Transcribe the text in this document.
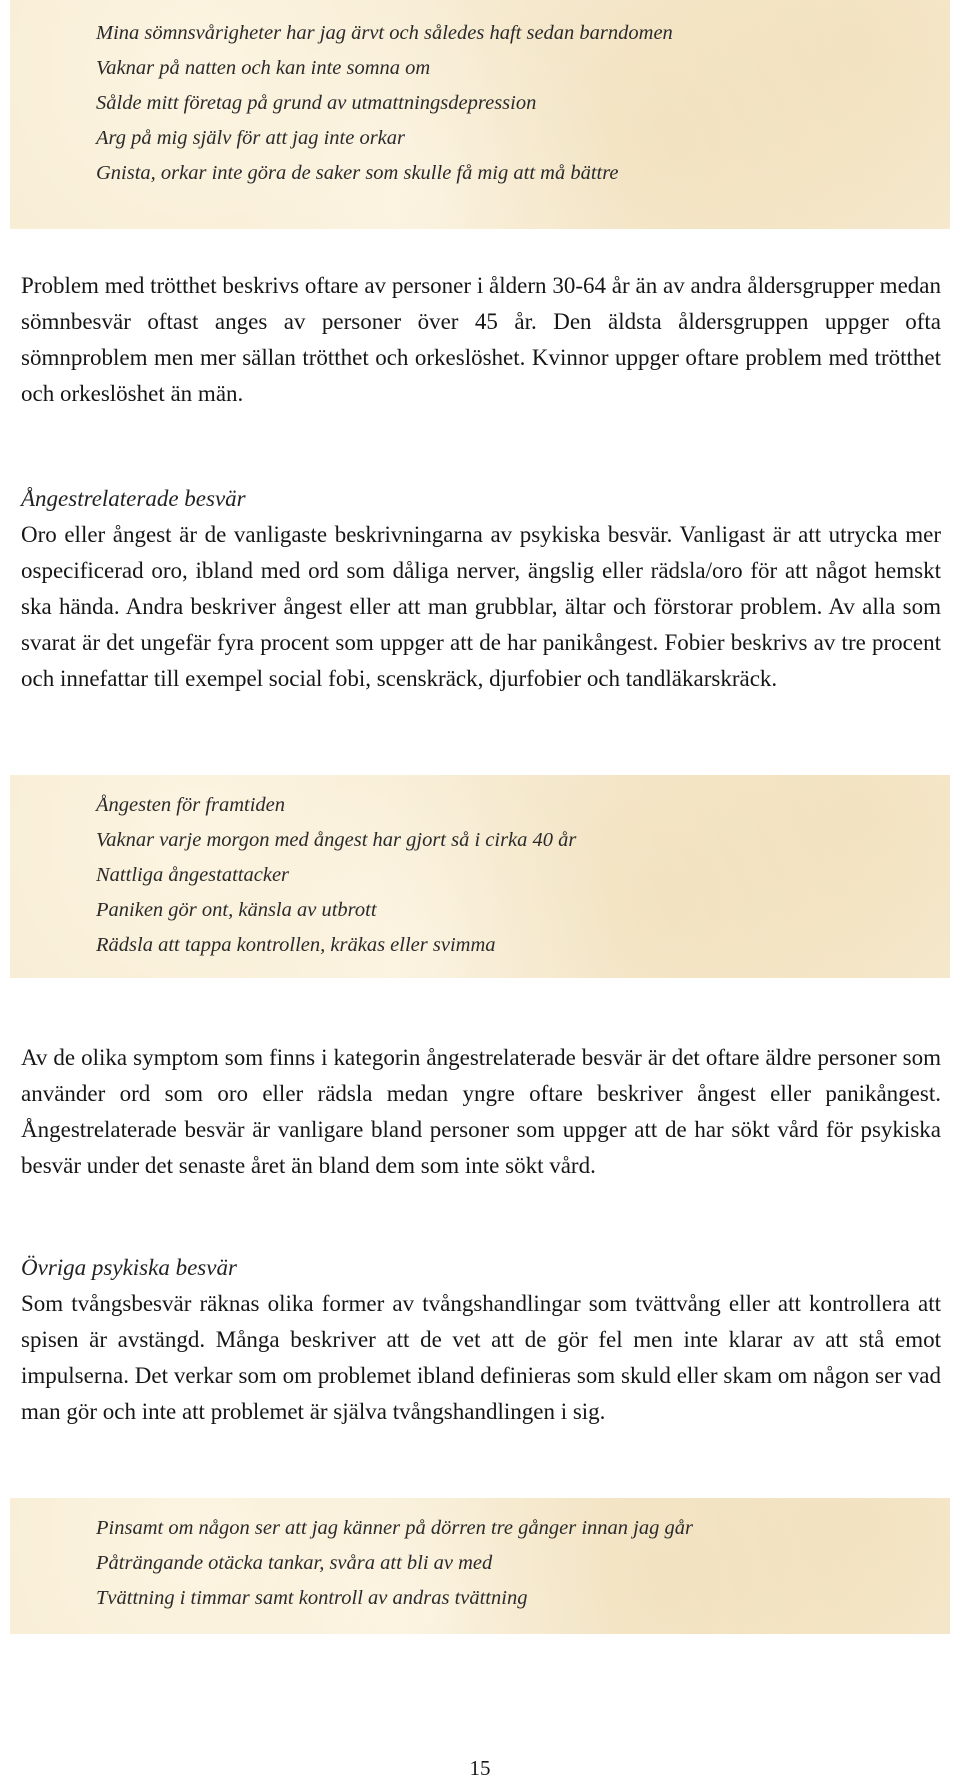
Mina sömnsvårigheter har jag ärvt och således haft sedan barndomen
Vaknar på natten och kan inte somna om
Sålde mitt företag på grund av utmattningsdepression
Arg på mig själv för att jag inte orkar
Gnista, orkar inte göra de saker som skulle få mig att må bättre

Problem med trötthet beskrivs oftare av personer i åldern 30-64 år än av andra åldersgrupper medan sömnbesvär oftast anges av personer över 45 år. Den äldsta åldersgruppen uppger ofta sömnproblem men mer sällan trötthet och orkeslöshet. Kvinnor uppger oftare problem med trötthet och orkeslöshet än män.

Ångestrelaterade besvär

Oro eller ångest är de vanligaste beskrivningarna av psykiska besvär. Vanligast är att utrycka mer ospecificerad oro, ibland med ord som dåliga nerver, ängslig eller rädsla/oro för att något hemskt ska hända. Andra beskriver ångest eller att man grubblar, ältar och förstorar problem. Av alla som svarat är det ungefär fyra procent som uppger att de har panikångest. Fobier beskrivs av tre procent och innefattar till exempel social fobi, scenskräck, djurfobier och tandläkarskräck.

Ångesten för framtiden
Vaknar varje morgon med ångest har gjort så i cirka 40 år
Nattliga ångestattacker
Paniken gör ont, känsla av utbrott
Rädsla att tappa kontrollen, kräkas eller svimma

Av de olika symptom som finns i kategorin ångestrelaterade besvär är det oftare äldre personer som använder ord som oro eller rädsla medan yngre oftare beskriver ångest eller panikångest. Ångestrelaterade besvär är vanligare bland personer som uppger att de har sökt vård för psykiska besvär under det senaste året än bland dem som inte sökt vård.

Övriga psykiska besvär

Som tvångsbesvär räknas olika former av tvångshandlingar som tvättvång eller att kontrollera att spisen är avstängd. Många beskriver att de vet att de gör fel men inte klarar av att stå emot impulserna. Det verkar som om problemet ibland definieras som skuld eller skam om någon ser vad man gör och inte att problemet är själva tvångshandlingen i sig.

Pinsamt om någon ser att jag känner på dörren tre gånger innan jag går
Påträngande otäcka tankar, svåra att bli av med
Tvättning i timmar samt kontroll av andras tvättning
15
